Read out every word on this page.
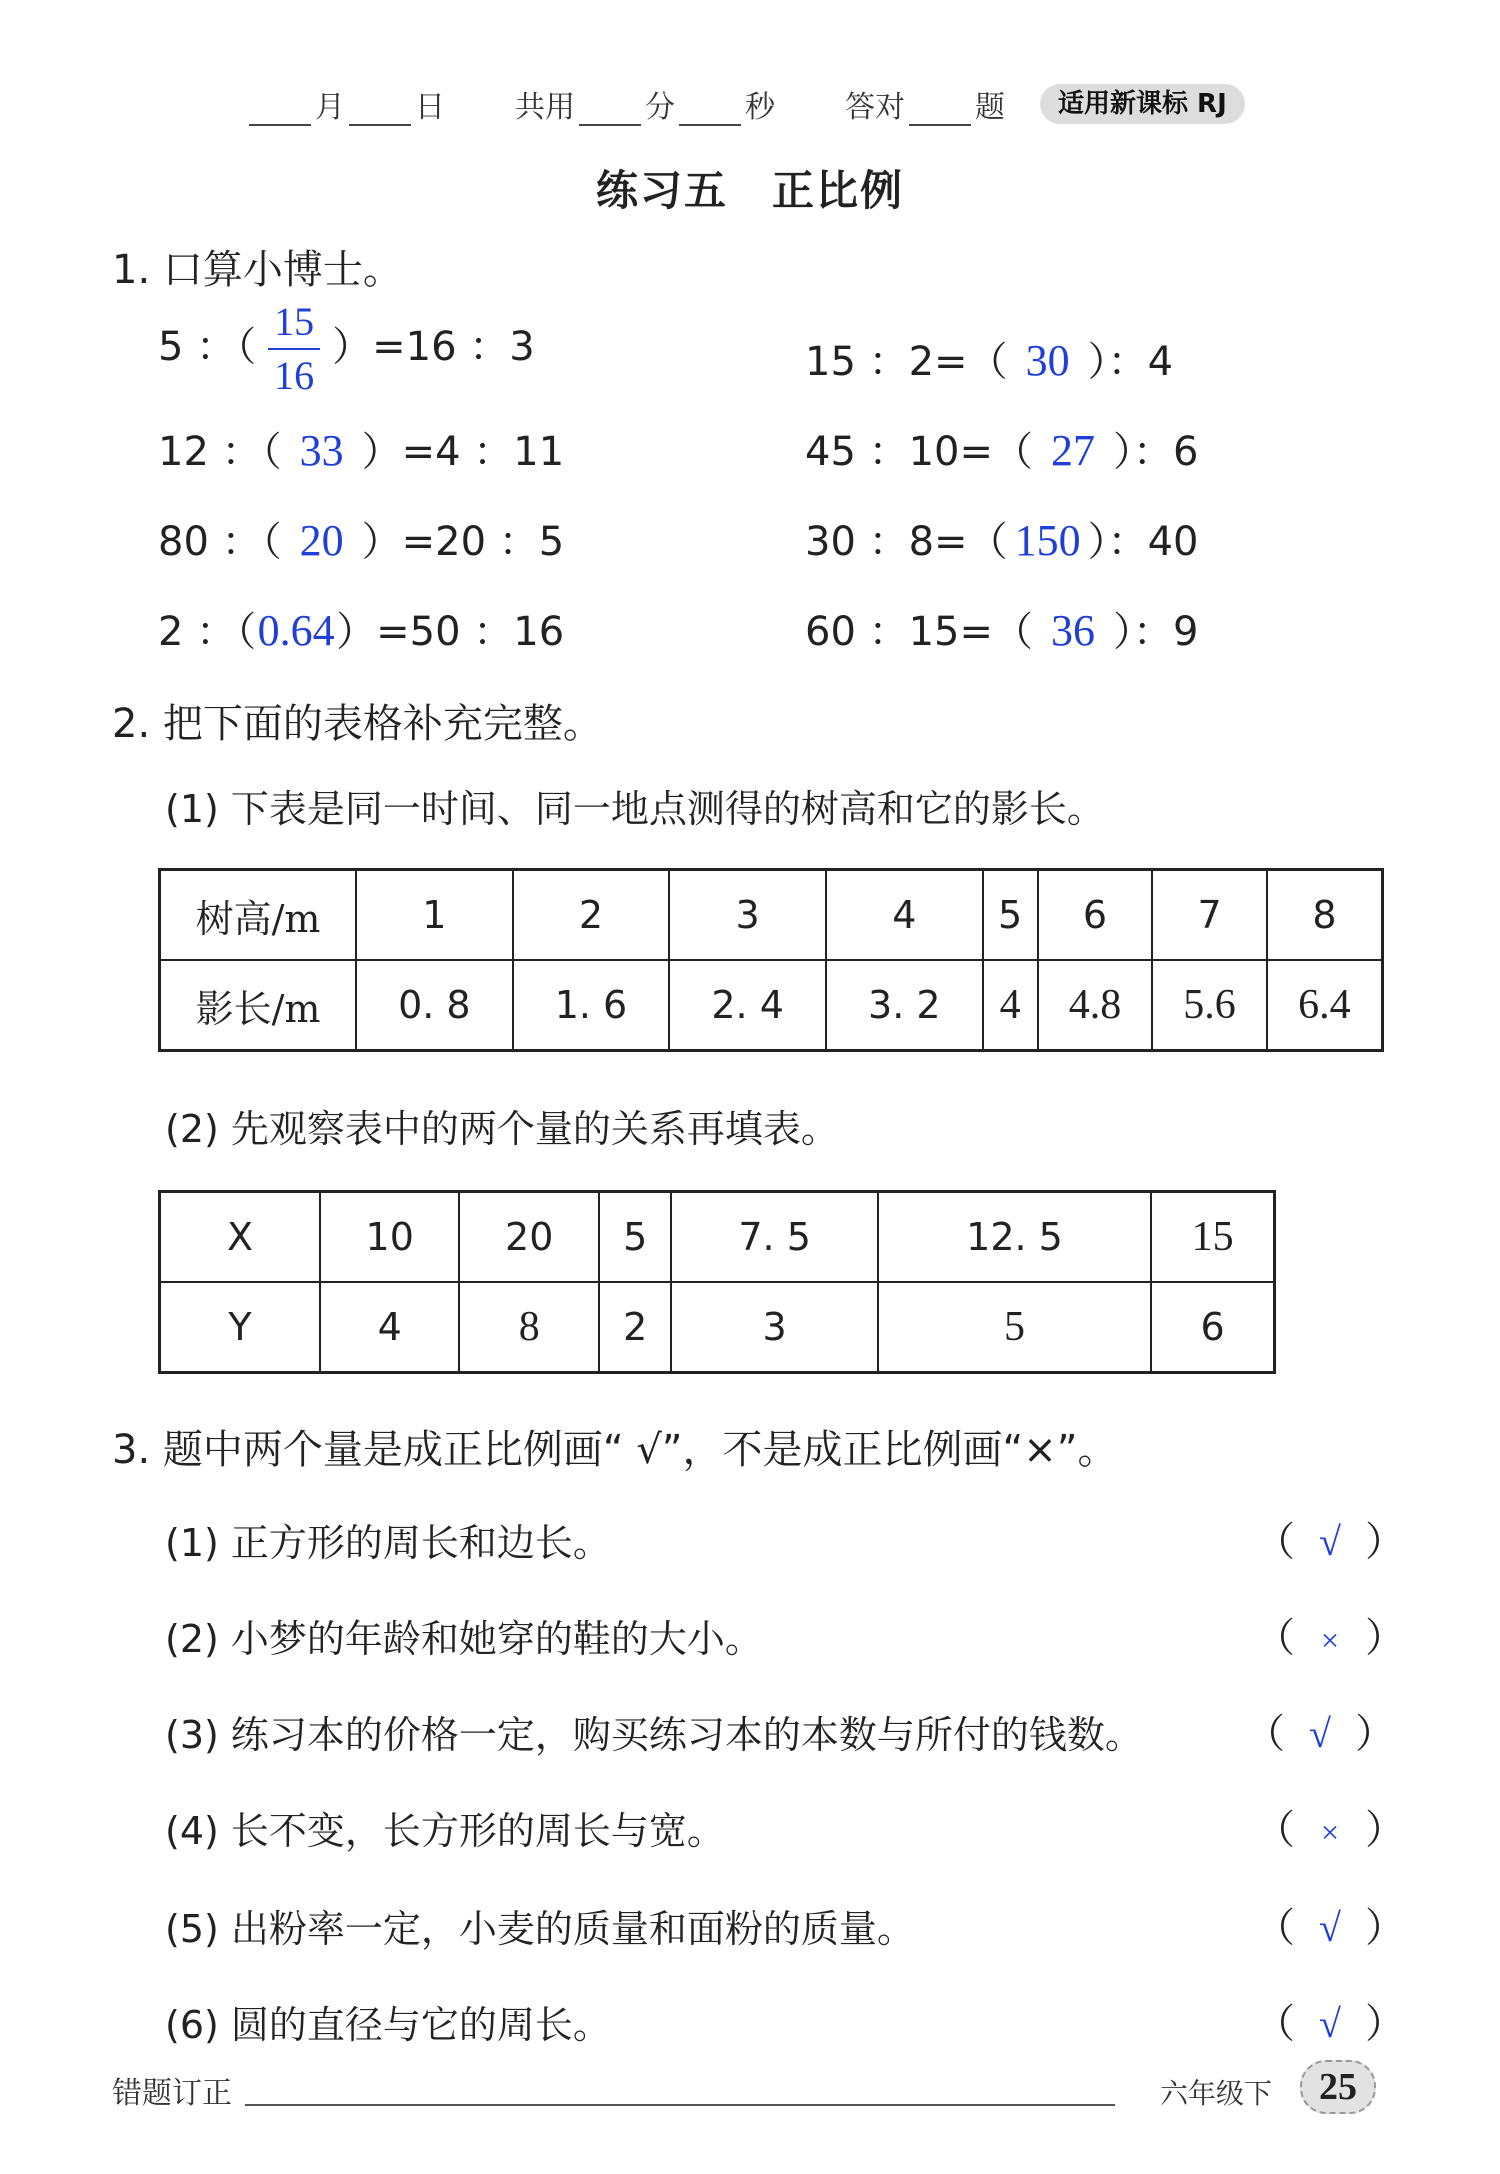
月 日 共用 分 秒 答对 题	适用新课标 RJ
练习五　正比例
1. 口算小博士。
5 ：（ $\frac{15}{16} )=16$ ：3	15 ：2=（ 30 ）：4
12 ：（ 33 ）=4 ：11	45 ：10=（ 27 ）：6
80 ：（ 20 ）=20 ：5	30 ：8=（ 150 ）：40
2 ：（0.64）=50 ：16	60 ：15=（ 36 ）：9
2. 把下面的表格补充完整。
(1) 下表是同一时间、同一地点测得的树高和它的影长。
树高/m	1	2	3	4	5	6	7	8
影长/m	0. 8	1. 6	2. 4	3. 2	4	4.8	5.6	6.4
(2) 先观察表中的两个量的关系再填表。
X	10	20	5	7. 5	12. 5	15
Y	4	8	2	3	5	6
3. 题中两个量是成正比例画“ √”，不是成正比例画“×”。
(1) 正方形的周长和边长。	（ √ ）
(2) 小梦的年龄和她穿的鞋的大小。	（ × ）
(3) 练习本的价格一定，购买练习本的本数与所付的钱数。	（ √ ）
(4) 长不变，长方形的周长与宽。	（ × ）
(5) 出粉率一定，小麦的质量和面粉的质量。	（ √ ）
(6) 圆的直径与它的周长。	（ √ ）
错题订正	六年级下	25
